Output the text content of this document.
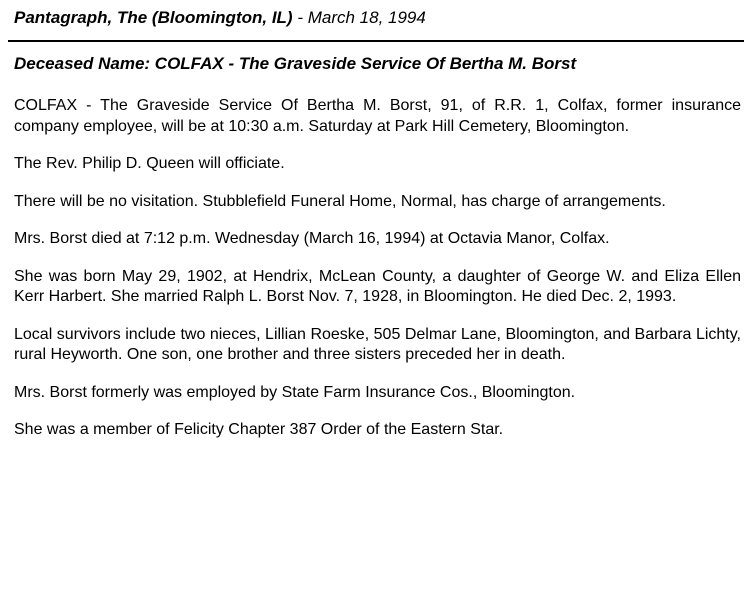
Pantagraph, The (Bloomington, IL) - March 18, 1994
Deceased Name: COLFAX - The Graveside Service Of Bertha M. Borst

COLFAX - The Graveside Service Of Bertha M. Borst, 91, of R.R. 1, Colfax, former insurance company employee, will be at 10:30 a.m. Saturday at Park Hill Cemetery, Bloomington.

The Rev. Philip D. Queen will officiate.

There will be no visitation. Stubblefield Funeral Home, Normal, has charge of arrangements.

Mrs. Borst died at 7:12 p.m. Wednesday (March 16, 1994) at Octavia Manor, Colfax.

She was born May 29, 1902, at Hendrix, McLean County, a daughter of George W. and Eliza Ellen Kerr Harbert. She married Ralph L. Borst Nov. 7, 1928, in Bloomington. He died Dec. 2, 1993.

Local survivors include two nieces, Lillian Roeske, 505 Delmar Lane, Bloomington, and Barbara Lichty, rural Heyworth. One son, one brother and three sisters preceded her in death.

Mrs. Borst formerly was employed by State Farm Insurance Cos., Bloomington.

She was a member of Felicity Chapter 387 Order of the Eastern Star.
